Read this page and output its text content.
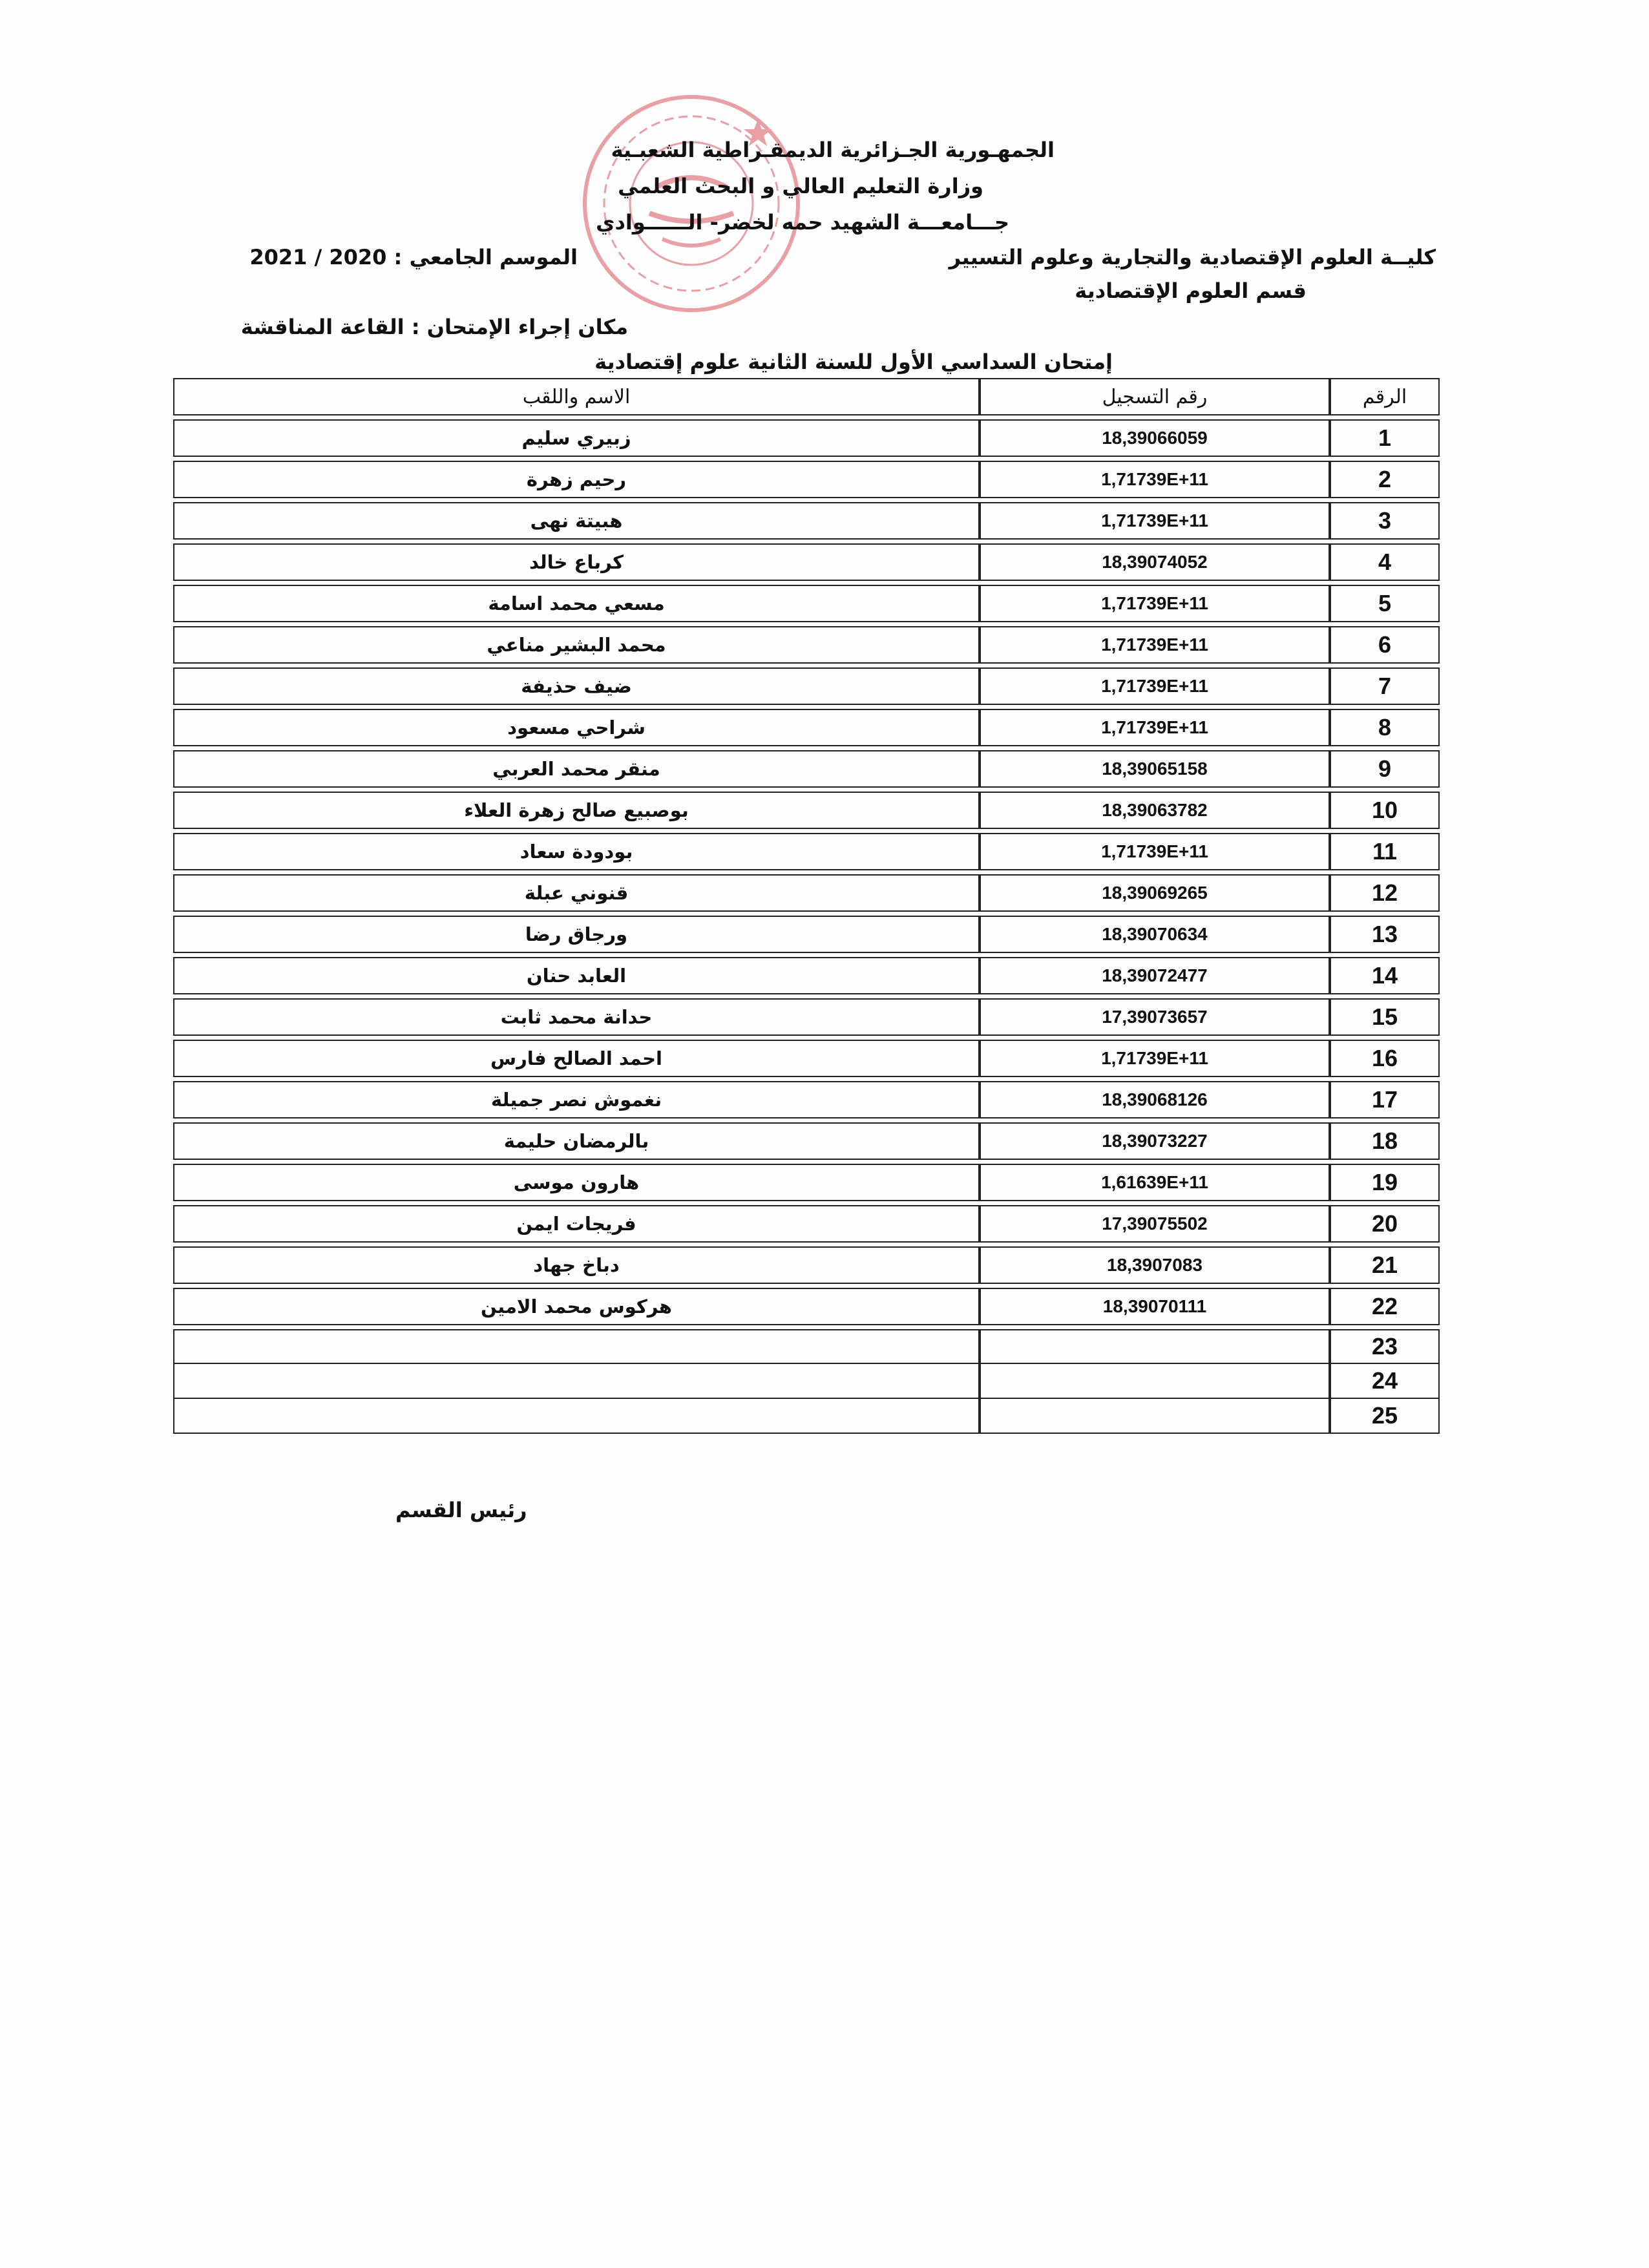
الجمهـورية الجـزائرية الديمقـراطية الشعبـية
وزارة التعليم العالي و البحث العلمي
جـــامعـــة الشهيد حمه لخضر- الــــــوادي
كليــة العلوم الإقتصادية والتجارية وعلوم التسيير
الموسم الجامعي : 2020 / 2021
قسم العلوم الإقتصادية
مكان إجراء الإمتحان : القاعة المناقشة
إمتحان السداسي الأول للسنة الثانية علوم إقتصادية
الاسم واللقب	رقم التسجيل	الرقم
زبيري سليم	18,39066059	1
رحيم زهرة	1,71739E+11	2
هبيتة نهى	1,71739E+11	3
كرباع خالد	18,39074052	4
مسعي محمد اسامة	1,71739E+11	5
محمد البشير مناعي	1,71739E+11	6
ضيف حذيفة	1,71739E+11	7
شراحي مسعود	1,71739E+11	8
منقر محمد العربي	18,39065158	9
بوصبيع صالح زهرة العلاء	18,39063782	10
بودودة سعاد	1,71739E+11	11
قنوني عبلة	18,39069265	12
ورجاق رضا	18,39070634	13
العابد حنان	18,39072477	14
حدانة محمد ثابت	17,39073657	15
احمد الصالح فارس	1,71739E+11	16
نغموش نصر جميلة	18,39068126	17
بالرمضان حليمة	18,39073227	18
هارون موسى	1,61639E+11	19
فريجات ايمن	17,39075502	20
دباخ جهاد	18,3907083	21
هركوس محمد الامين	18,39070111	22
23
24
25
رئيس القسم
